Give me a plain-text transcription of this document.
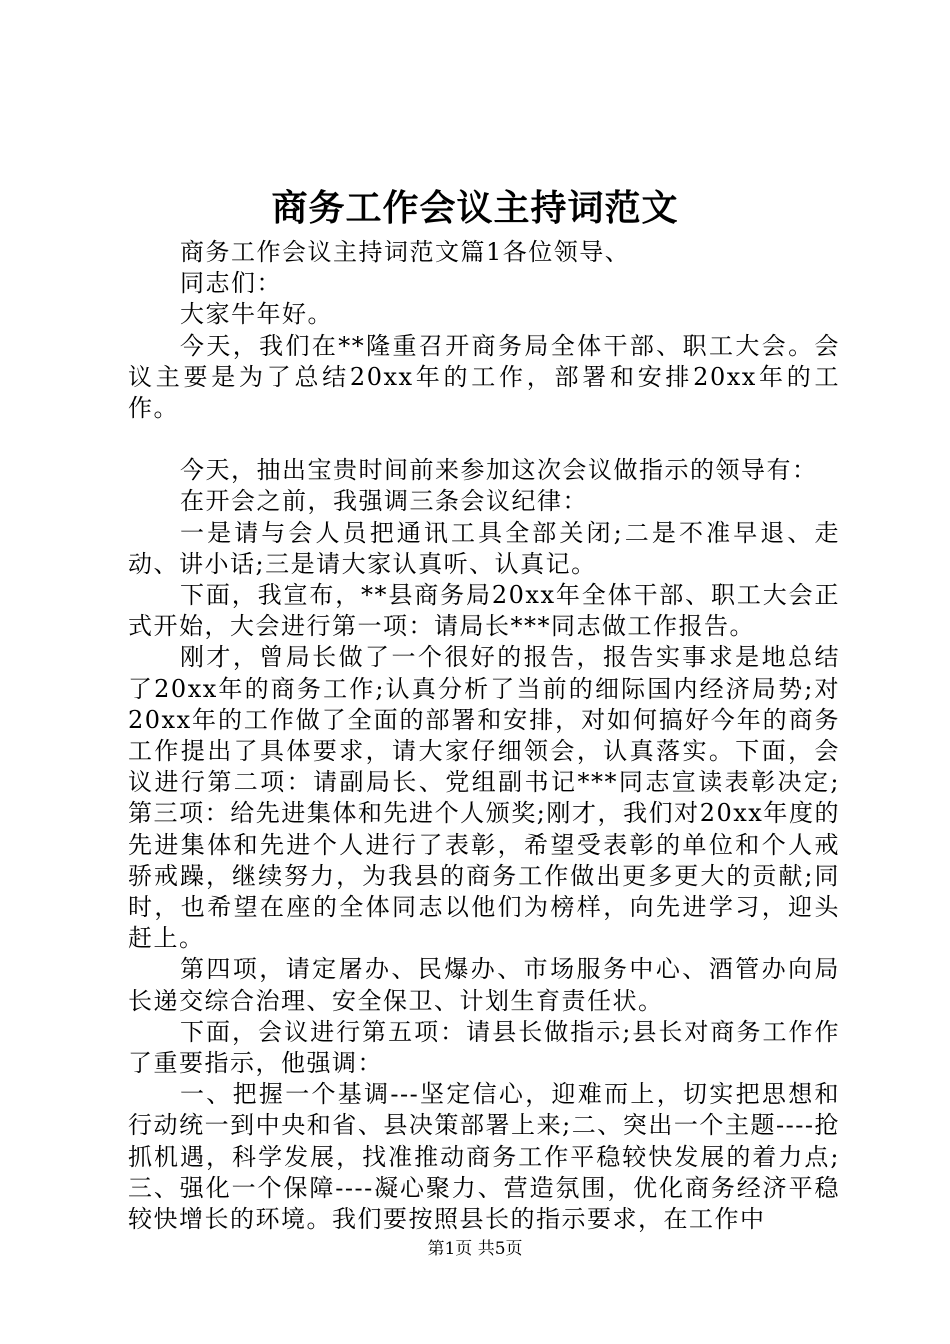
商务工作会议主持词范文

商务工作会议主持词范文篇1各位领导、

同志们：

大家牛年好。

今天，我们在**隆重召开商务局全体干部、职工大会。会议主要是为了总结20xx年的工作，部署和安排20xx年的工作。

今天，抽出宝贵时间前来参加这次会议做指示的领导有：

在开会之前，我强调三条会议纪律：

一是请与会人员把通讯工具全部关闭;二是不准早退、走动、讲小话;三是请大家认真听、认真记。

下面，我宣布，**县商务局20xx年全体干部、职工大会正式开始，大会进行第一项：请局长***同志做工作报告。

刚才，曾局长做了一个很好的报告，报告实事求是地总结了20xx年的商务工作;认真分析了当前的细际国内经济局势;对20xx年的工作做了全面的部署和安排，对如何搞好今年的商务工作提出了具体要求，请大家仔细领会，认真落实。下面，会议进行第二项：请副局长、党组副书记***同志宣读表彰决定;第三项：给先进集体和先进个人颁奖;刚才，我们对20xx年度的先进集体和先进个人进行了表彰，希望受表彰的单位和个人戒骄戒躁，继续努力，为我县的商务工作做出更多更大的贡献;同时，也希望在座的全体同志以他们为榜样，向先进学习，迎头赶上。

第四项，请定屠办、民爆办、市场服务中心、酒管办向局长递交综合治理、安全保卫、计划生育责任状。

下面，会议进行第五项：请县长做指示;县长对商务工作作了重要指示，他强调：

一、把握一个基调---坚定信心，迎难而上，切实把思想和行动统一到中央和省、县决策部署上来;二、突出一个主题----抢抓机遇，科学发展，找准推动商务工作平稳较快发展的着力点;三、强化一个保障----凝心聚力、营造氛围，优化商务经济平稳较快增长的环境。我们要按照县长的指示要求，在工作中

第1页 共5页
